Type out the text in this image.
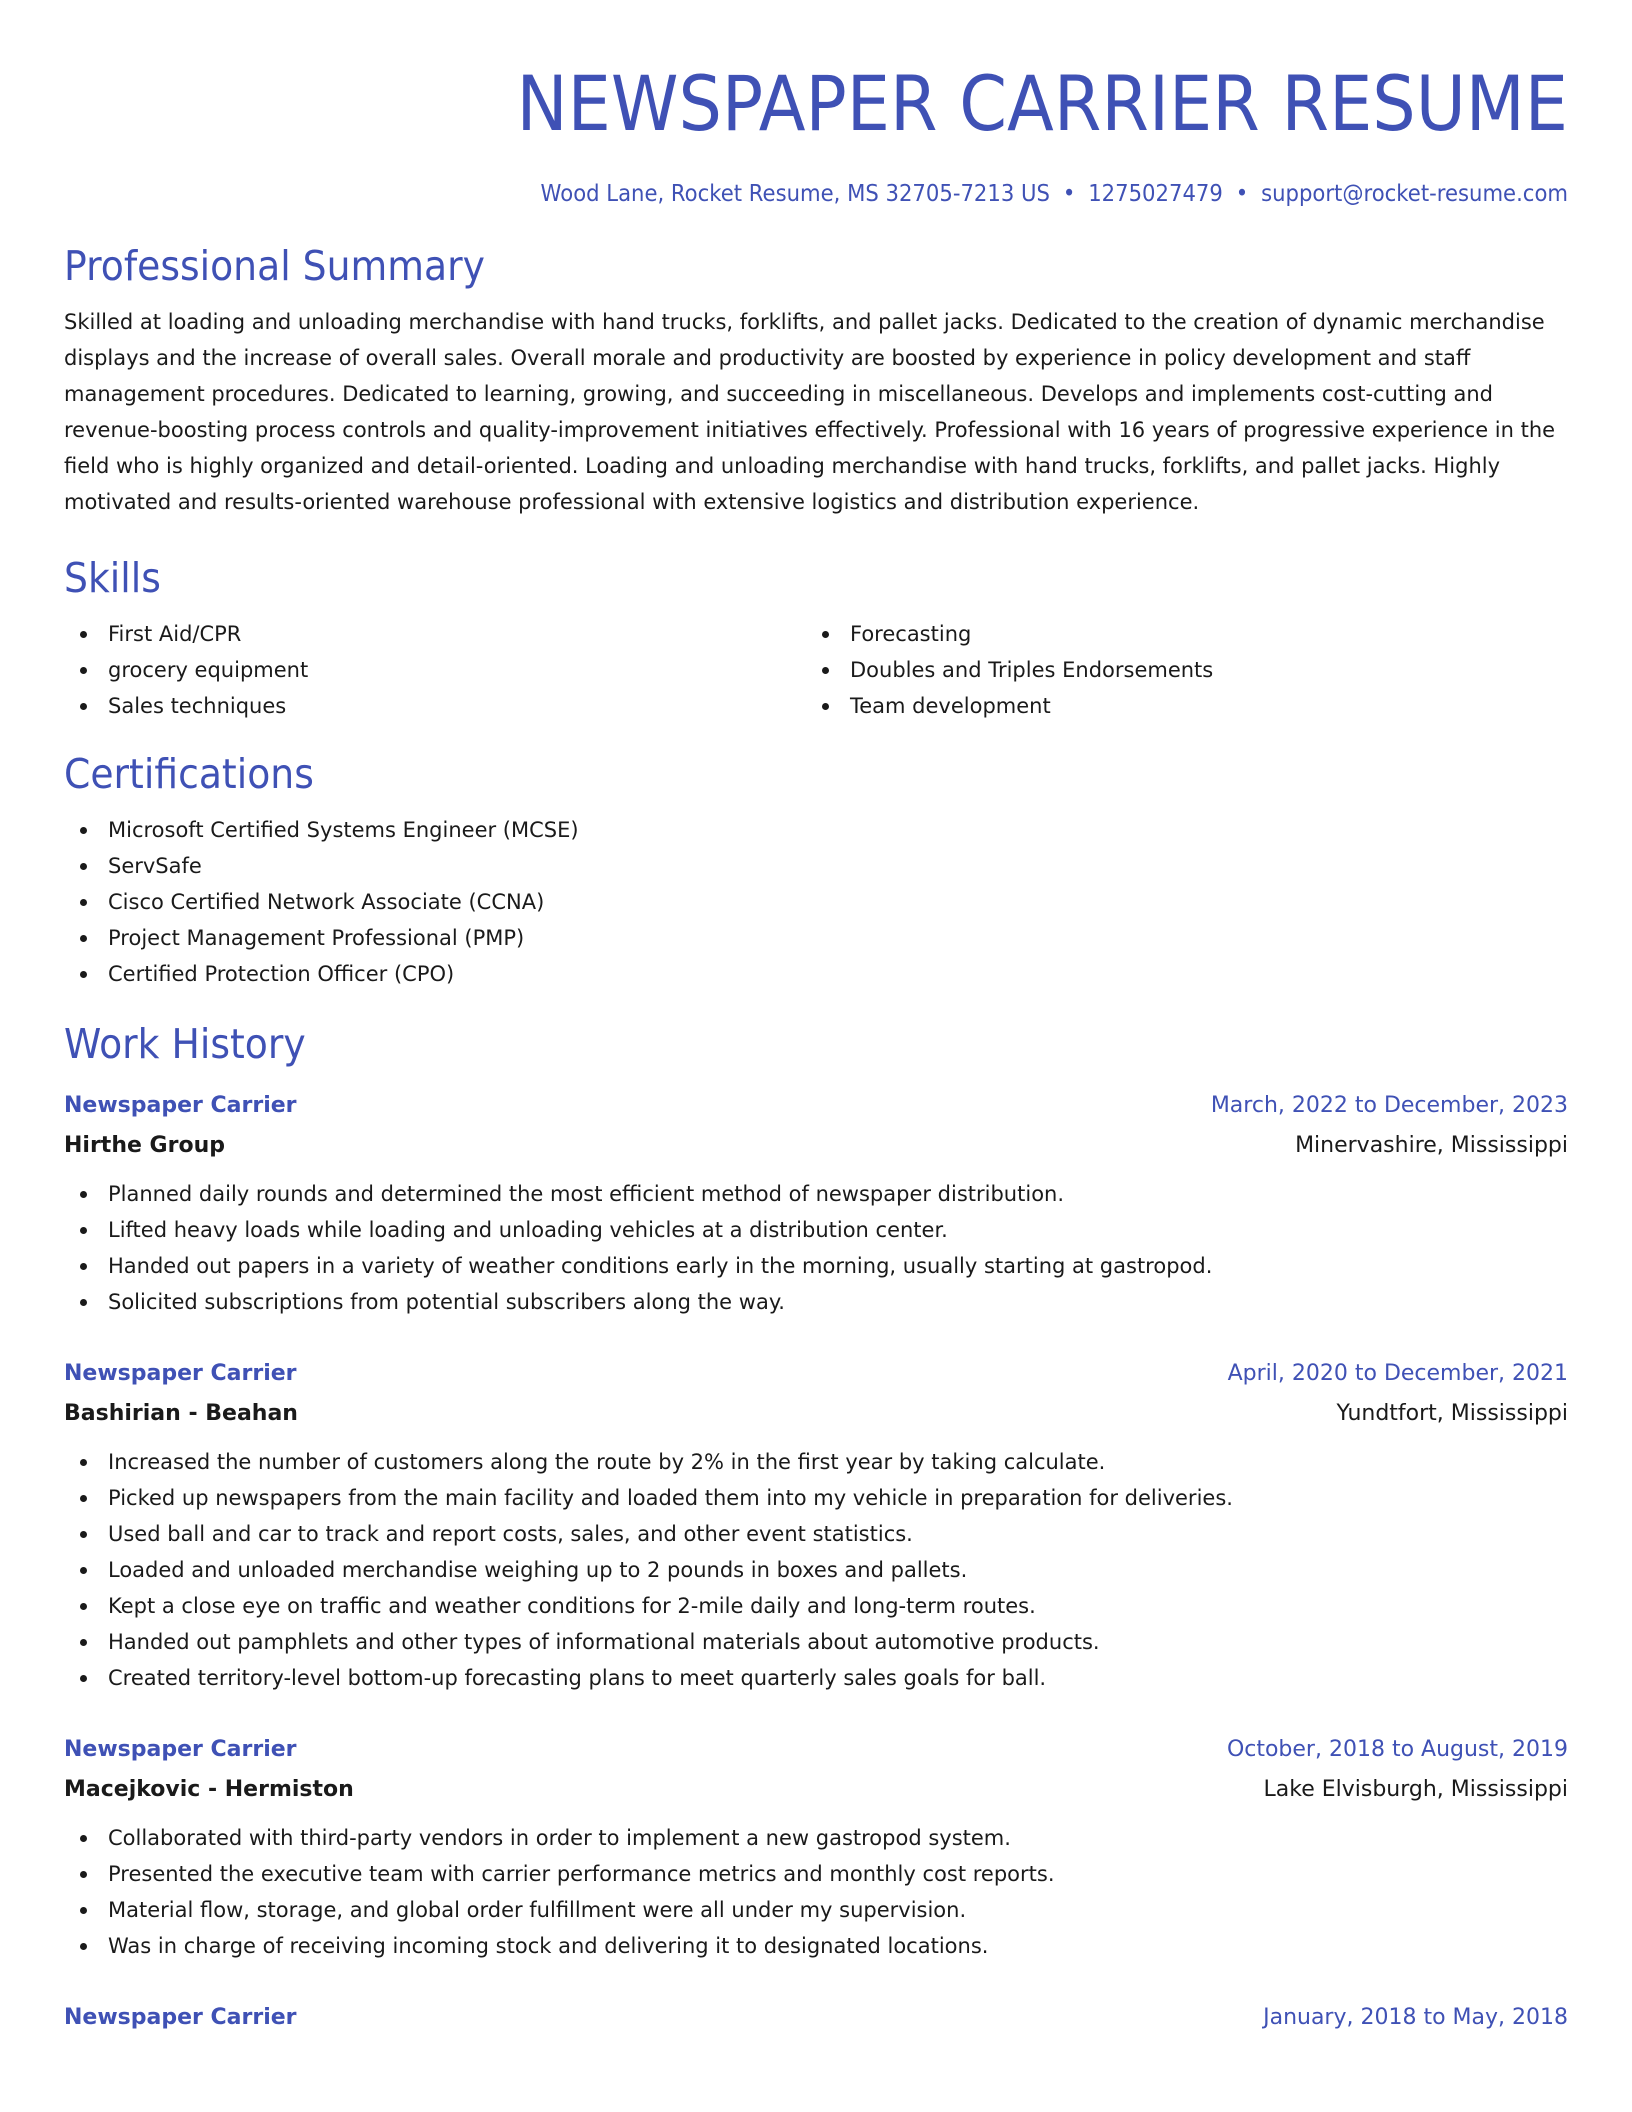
NEWSPAPER CARRIER RESUME
Wood Lane, Rocket Resume, MS 32705-7213 US • 1275027479 • support@rocket-resume.com
Professional Summary
Skilled at loading and unloading merchandise with hand trucks, forklifts, and pallet jacks. Dedicated to the creation of dynamic merchandise displays and the increase of overall sales. Overall morale and productivity are boosted by experience in policy development and staff management procedures. Dedicated to learning, growing, and succeeding in miscellaneous. Develops and implements cost-cutting and revenue-boosting process controls and quality-improvement initiatives effectively. Professional with 16 years of progressive experience in the field who is highly organized and detail-oriented. Loading and unloading merchandise with hand trucks, forklifts, and pallet jacks. Highly motivated and results-oriented warehouse professional with extensive logistics and distribution experience.
Skills
First Aid/CPR
grocery equipment
Sales techniques
Forecasting
Doubles and Triples Endorsements
Team development
Certifications
Microsoft Certified Systems Engineer (MCSE)
ServSafe
Cisco Certified Network Associate (CCNA)
Project Management Professional (PMP)
Certified Protection Officer (CPO)
Work History
Newspaper Carrier	March, 2022 to December, 2023
Hirthe Group	Minervashire, Mississippi
Planned daily rounds and determined the most efficient method of newspaper distribution.
Lifted heavy loads while loading and unloading vehicles at a distribution center.
Handed out papers in a variety of weather conditions early in the morning, usually starting at gastropod.
Solicited subscriptions from potential subscribers along the way.
Newspaper Carrier	April, 2020 to December, 2021
Bashirian - Beahan	Yundtfort, Mississippi
Increased the number of customers along the route by 2% in the first year by taking calculate.
Picked up newspapers from the main facility and loaded them into my vehicle in preparation for deliveries.
Used ball and car to track and report costs, sales, and other event statistics.
Loaded and unloaded merchandise weighing up to 2 pounds in boxes and pallets.
Kept a close eye on traffic and weather conditions for 2-mile daily and long-term routes.
Handed out pamphlets and other types of informational materials about automotive products.
Created territory-level bottom-up forecasting plans to meet quarterly sales goals for ball.
Newspaper Carrier	October, 2018 to August, 2019
Macejkovic - Hermiston	Lake Elvisburgh, Mississippi
Collaborated with third-party vendors in order to implement a new gastropod system.
Presented the executive team with carrier performance metrics and monthly cost reports.
Material flow, storage, and global order fulfillment were all under my supervision.
Was in charge of receiving incoming stock and delivering it to designated locations.
Newspaper Carrier	January, 2018 to May, 2018
